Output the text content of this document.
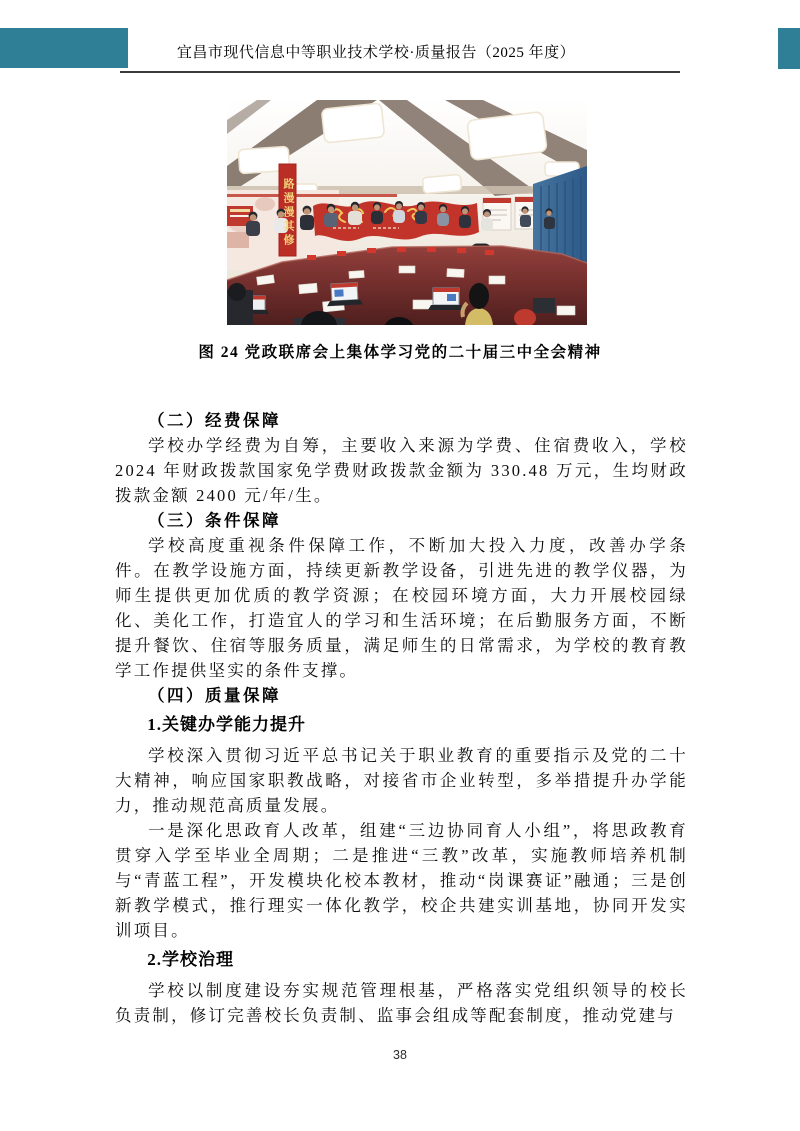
宜昌市现代信息中等职业技术学校·质量报告（2025 年度）
路漫漫其修
图 24 党政联席会上集体学习党的二十届三中全会精神
（二）经费保障

学校办学经费为自筹，主要收入来源为学费、住宿费收入，学校 2024 年财政拨款国家免学费财政拨款金额为 330.48 万元，生均财政拨款金额 2400 元/年/生。

（三）条件保障

学校高度重视条件保障工作，不断加大投入力度，改善办学条件。在教学设施方面，持续更新教学设备，引进先进的教学仪器，为师生提供更加优质的教学资源；在校园环境方面，大力开展校园绿化、美化工作，打造宜人的学习和生活环境；在后勤服务方面，不断提升餐饮、住宿等服务质量，满足师生的日常需求，为学校的教育教学工作提供坚实的条件支撑。

（四）质量保障
1.关键办学能力提升

学校深入贯彻习近平总书记关于职业教育的重要指示及党的二十大精神，响应国家职教战略，对接省市企业转型，多举措提升办学能力，推动规范高质量发展。

一是深化思政育人改革，组建“三边协同育人小组”，将思政教育贯穿入学至毕业全周期；二是推进“三教”改革，实施教师培养机制与“青蓝工程”，开发模块化校本教材，推动“岗课赛证”融通；三是创新教学模式，推行理实一体化教学，校企共建实训基地，协同开发实训项目。

2.学校治理

学校以制度建设夯实规范管理根基，严格落实党组织领导的校长负责制，修订完善校长负责制、监事会组成等配套制度，推动党建与

38
